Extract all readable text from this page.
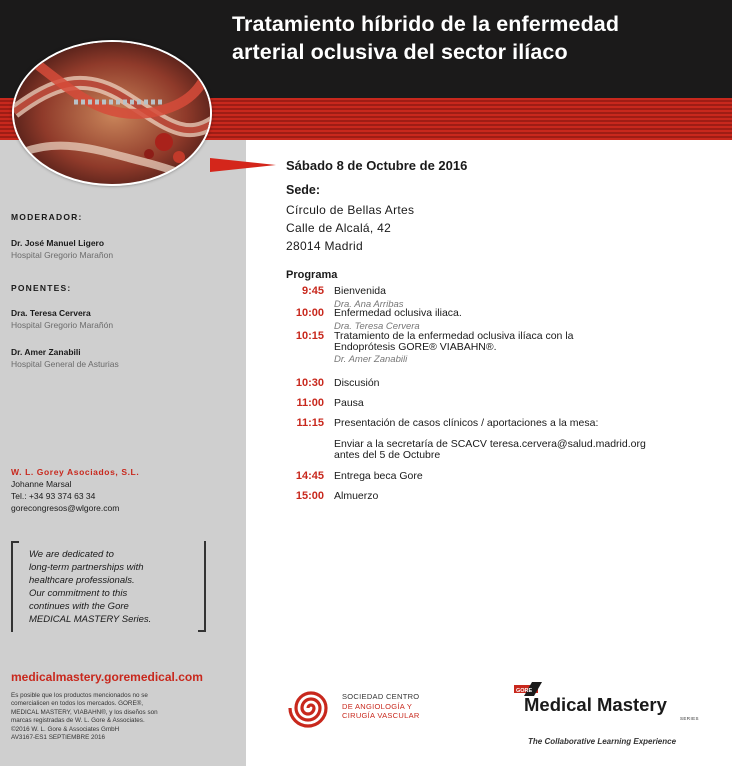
Tratamiento híbrido de la enfermedad
arterial oclusiva del sector ilíaco
MODERADOR:
Dr. José Manuel Ligero
Hospital Gregorio Marañon
PONENTES:
Dra. Teresa Cervera
Hospital Gregorio Marañón
Dr. Amer Zanabili
Hospital General de Asturias
W. L. Gorey Asociados, S.L.
Johanne Marsal
Tel.: +34 93 374 63 34
gorecongresos@wlgore.com
We are dedicated to
long-term partnerships with
healthcare professionals.
Our commitment to this
continues with the Gore
MEDICAL MASTERY Series.
medicalmastery.goremedical.com
Es posible que los productos mencionados no se
comercialicen en todos los mercados. GORE®,
MEDICAL MASTERY, VIABAHN®, y los diseños son
marcas registradas de W. L. Gore & Associates.
©2016 W. L. Gore & Associates GmbH
AV3167-ES1 SEPTIEMBRE 2016
Sábado 8 de Octubre de 2016
Sede:
Círculo de Bellas Artes
Calle de Alcalá, 42
28014 Madrid
Programa
9:45 Bienvenida
Dra. Ana Arribas
10:00 Enfermedad oclusiva iliaca.
Dra. Teresa Cervera
10:15 Tratamiento de la enfermedad oclusiva ilíaca con la
Endoprótesis GORE® VIABAHN®.
Dr. Amer Zanabili
10:30 Discusión
11:00 Pausa
11:15 Presentación de casos clínicos / aportaciones a la mesa:
Enviar a la secretaría de SCACV teresa.cervera@salud.madrid.org
antes del 5 de Octubre
14:45 Entrega beca Gore
15:00 Almuerzo
SOCIEDAD CENTRO
DE ANGIOLOGÍA Y
CIRUGÍA VASCULAR
GORE
Medical Mastery
SERIES
The Collaborative Learning Experience
